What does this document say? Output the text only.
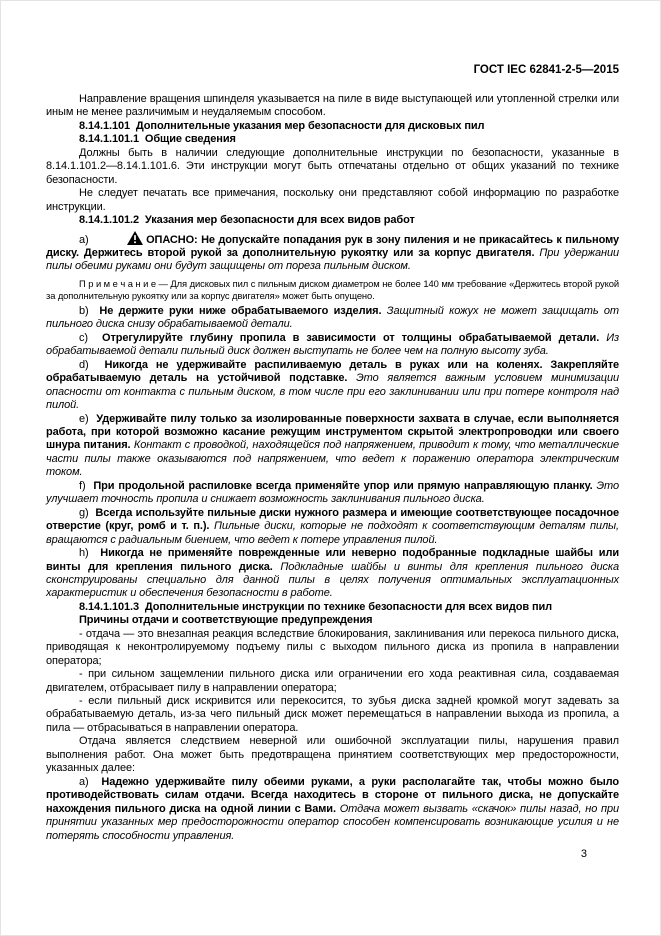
ГОСТ IEC 62841-2-5—2015

Направление вращения шпинделя указывается на пиле в виде выступающей или утопленной стрелки или иным не менее различимым и неудаляемым способом.

8.14.1.101  Дополнительные указания мер безопасности для дисковых пил

8.14.1.101.1  Общие сведения

Должны быть в наличии следующие дополнительные инструкции по безопасности, указанные в 8.14.1.101.2—8.14.1.101.6. Эти инструкции могут быть отпечатаны отдельно от общих указаний по технике безопасности.

Не следует печатать все примечания, поскольку они представляют собой информацию по разработке инструкции.

8.14.1.101.2  Указания мер безопасности для всех видов работ

a)	ОПАСНО: Не допускайте попадания рук в зону пиления и не прикасайтесь к пильному диску. Держитесь второй рукой за дополнительную рукоятку или за корпус двигателя. При удержании пилы обеими руками они будут защищены от пореза пильным диском.

П р и м е ч а н и е — Для дисковых пил с пильным диском диаметром не более 140 мм требование «Держитесь второй рукой за дополнительную рукоятку или за корпус двигателя» может быть опущено.

b)  Не держите руки ниже обрабатываемого изделия. Защитный кожух не может защищать от пильного диска снизу обрабатываемой детали.

c)  Отрегулируйте глубину пропила в зависимости от толщины обрабатываемой детали. Из обрабатываемой детали пильный диск должен выступать не более чем на полную высоту зуба.

d)  Никогда не удерживайте распиливаемую деталь в руках или на коленях. Закрепляйте обрабатываемую деталь на устойчивой подставке. Это является важным условием минимизации опасности от контакта с пильным диском, в том числе при его заклинивании или при потере контроля над пилой.

e)  Удерживайте пилу только за изолированные поверхности захвата в случае, если выполняется работа, при которой возможно касание режущим инструментом скрытой электропроводки или своего шнура питания. Контакт с проводкой, находящейся под напряжением, приводит к тому, что металлические части пилы также оказываются под напряжением, что ведет к поражению оператора электрическим током.

f)  При продольной распиловке всегда применяйте упор или прямую направляющую планку. Это улучшает точность пропила и снижает возможность заклинивания пильного диска.

g)  Всегда используйте пильные диски нужного размера и имеющие соответствующее посадочное отверстие (круг, ромб и т. п.). Пильные диски, которые не подходят к соответствующим деталям пилы, вращаются с радиальным биением, что ведет к потере управления пилой.

h)  Никогда не применяйте поврежденные или неверно подобранные подкладные шайбы или винты для крепления пильного диска. Подкладные шайбы и винты для крепления пильного диска сконструированы специально для данной пилы в целях получения оптимальных эксплуатационных характеристик и обеспечения безопасности в работе.

8.14.1.101.3  Дополнительные инструкции по технике безопасности для всех видов пил

Причины отдачи и соответствующие предупреждения

- отдача — это внезапная реакция вследствие блокирования, заклинивания или перекоса пильного диска, приводящая к неконтролируемому подъему пилы с выходом пильного диска из пропила в направлении оператора;

- при сильном защемлении пильного диска или ограничении его хода реактивная сила, создаваемая двигателем, отбрасывает пилу в направлении оператора;

- если пильный диск искривится или перекосится, то зубья диска задней кромкой могут задевать за обрабатываемую деталь, из-за чего пильный диск может перемещаться в направлении выхода из пропила, а пила — отбрасываться в направлении оператора.

Отдача является следствием неверной или ошибочной эксплуатации пилы, нарушения правил выполнения работ. Она может быть предотвращена принятием соответствующих мер предосторожности, указанных далее:

a)  Надежно удерживайте пилу обеими руками, а руки располагайте так, чтобы можно было противодействовать силам отдачи. Всегда находитесь в стороне от пильного диска, не допускайте нахождения пильного диска на одной линии с Вами. Отдача может вызвать «скачок» пилы назад, но при принятии указанных мер предосторожности оператор способен компенсировать возникающие усилия и не потерять способности управления.

3
